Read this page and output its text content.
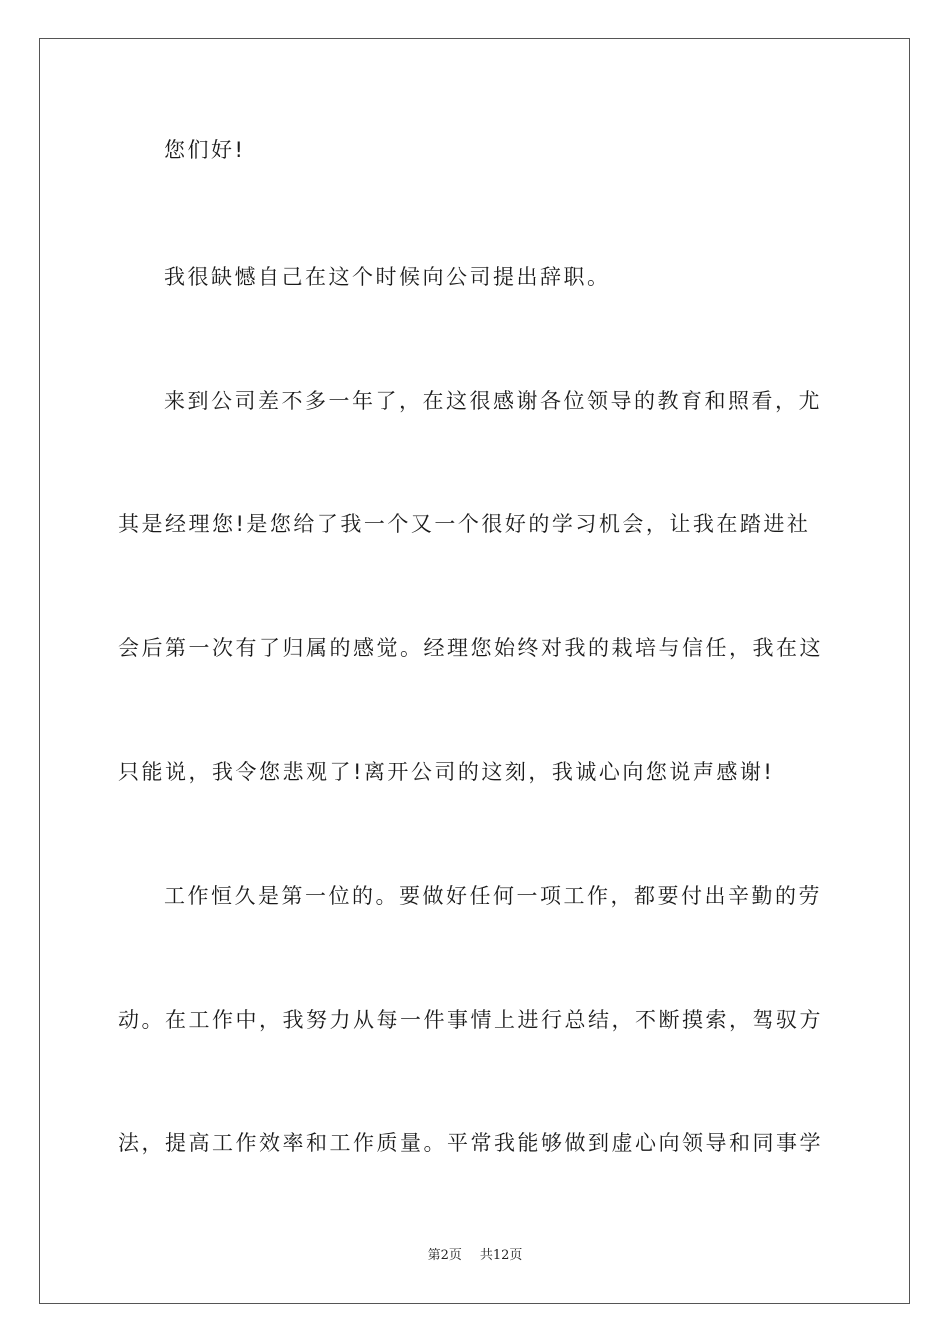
您们好!
我很缺憾自己在这个时候向公司提出辞职。
来到公司差不多一年了，在这很感谢各位领导的教育和照看，尤
其是经理您!是您给了我一个又一个很好的学习机会，让我在踏进社
会后第一次有了归属的感觉。经理您始终对我的栽培与信任，我在这
只能说，我令您悲观了!离开公司的这刻，我诚心向您说声感谢!
工作恒久是第一位的。要做好任何一项工作，都要付出辛勤的劳
动。在工作中，我努力从每一件事情上进行总结，不断摸索，驾驭方
法，提高工作效率和工作质量。平常我能够做到虚心向领导和同事学
第2页 共12页
